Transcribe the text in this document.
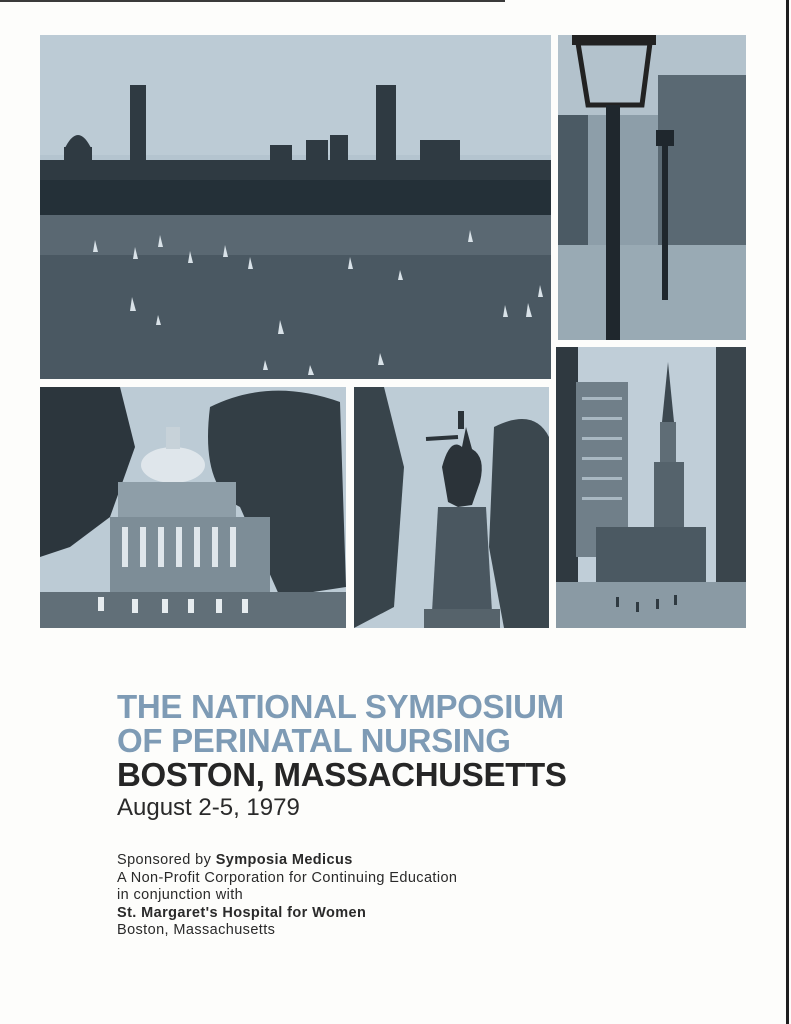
THE NATIONAL SYMPOSIUM
OF PERINATAL NURSING
BOSTON, MASSACHUSETTS
August 2-5, 1979
Sponsored by Symposia Medicus
A Non-Profit Corporation for Continuing Education
in conjunction with
St. Margaret's Hospital for Women
Boston, Massachusetts
